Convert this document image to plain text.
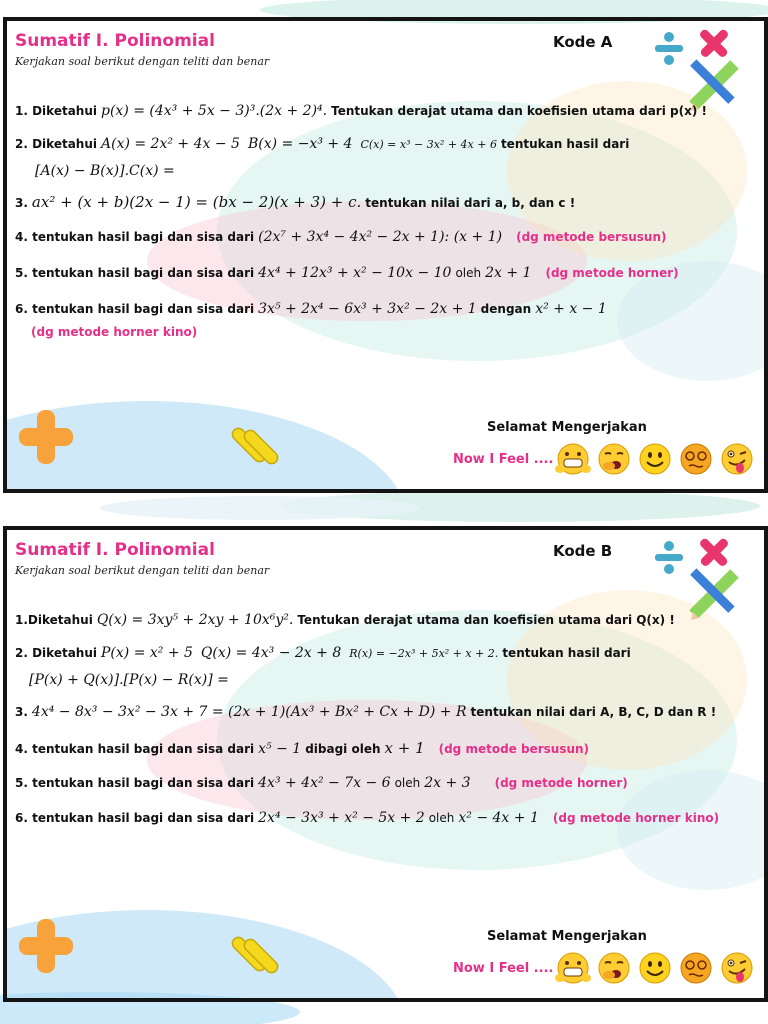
Sumatif I. Polinomial
Kerjakan soal berikut dengan teliti dan benar
Kode A
1. Diketahui p(x) = (4x³ + 5x − 3)³.(2x + 2)⁴. Tentukan derajat utama dan koefisien utama dari p(x) !
2. Diketahui A(x) = 2x² + 4x − 5 B(x) = −x³ + 4 C(x) = x³ − 3x² + 4x + 6 tentukan hasil dari
[A(x) − B(x)].C(x) =
3. ax² + (x + b)(2x − 1) = (bx − 2)(x + 3) + c. tentukan nilai dari a, b, dan c !
4. tentukan hasil bagi dan sisa dari (2x⁷ + 3x⁴ − 4x² − 2x + 1): (x + 1) (dg metode bersusun)
5. tentukan hasil bagi dan sisa dari 4x⁴ + 12x³ + x² − 10x − 10 oleh 2x + 1 (dg metode horner)
6. tentukan hasil bagi dan sisa dari 3x⁵ + 2x⁴ − 6x³ + 3x² − 2x + 1 dengan x² + x − 1
(dg metode horner kino)
Selamat Mengerjakan
Now I Feel ....
Sumatif I. Polinomial
Kerjakan soal berikut dengan teliti dan benar
Kode B
1.Diketahui Q(x) = 3xy⁵ + 2xy + 10x⁶y². Tentukan derajat utama dan koefisien utama dari Q(x) !
2. Diketahui P(x) = x² + 5 Q(x) = 4x³ − 2x + 8 R(x) = −2x³ + 5x² + x + 2. tentukan hasil dari
[P(x) + Q(x)].[P(x) − R(x)] =
3. 4x⁴ − 8x³ − 3x² − 3x + 7 = (2x + 1)(Ax³ + Bx² + Cx + D) + R tentukan nilai dari A, B, C, D dan R !
4. tentukan hasil bagi dan sisa dari x⁵ − 1 dibagi oleh x + 1 (dg metode bersusun)
5. tentukan hasil bagi dan sisa dari 4x³ + 4x² − 7x − 6 oleh 2x + 3 (dg metode horner)
6. tentukan hasil bagi dan sisa dari 2x⁴ − 3x³ + x² − 5x + 2 oleh x² − 4x + 1 (dg metode horner kino)
Selamat Mengerjakan
Now I Feel ....
